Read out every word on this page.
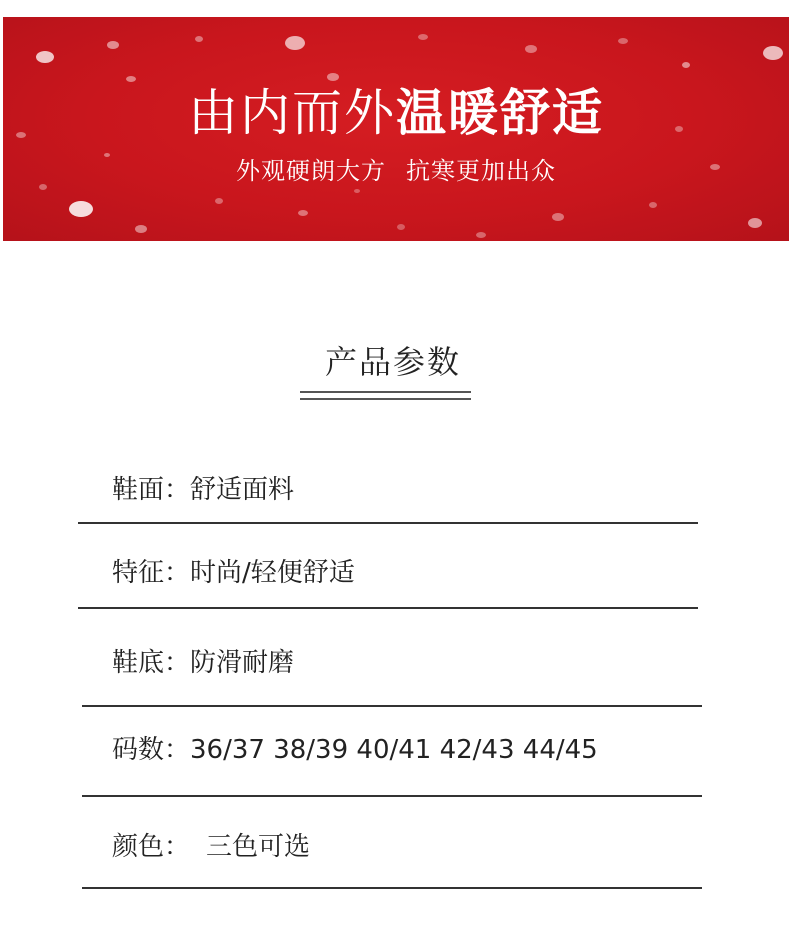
由内而外温暖舒适
外观硬朗大方 抗寒更加出众
产品参数
鞋面：舒适面料
特征：时尚/轻便舒适
鞋底：防滑耐磨
码数：36/37 38/39 40/41 42/43 44/45
颜色： 三色可选
